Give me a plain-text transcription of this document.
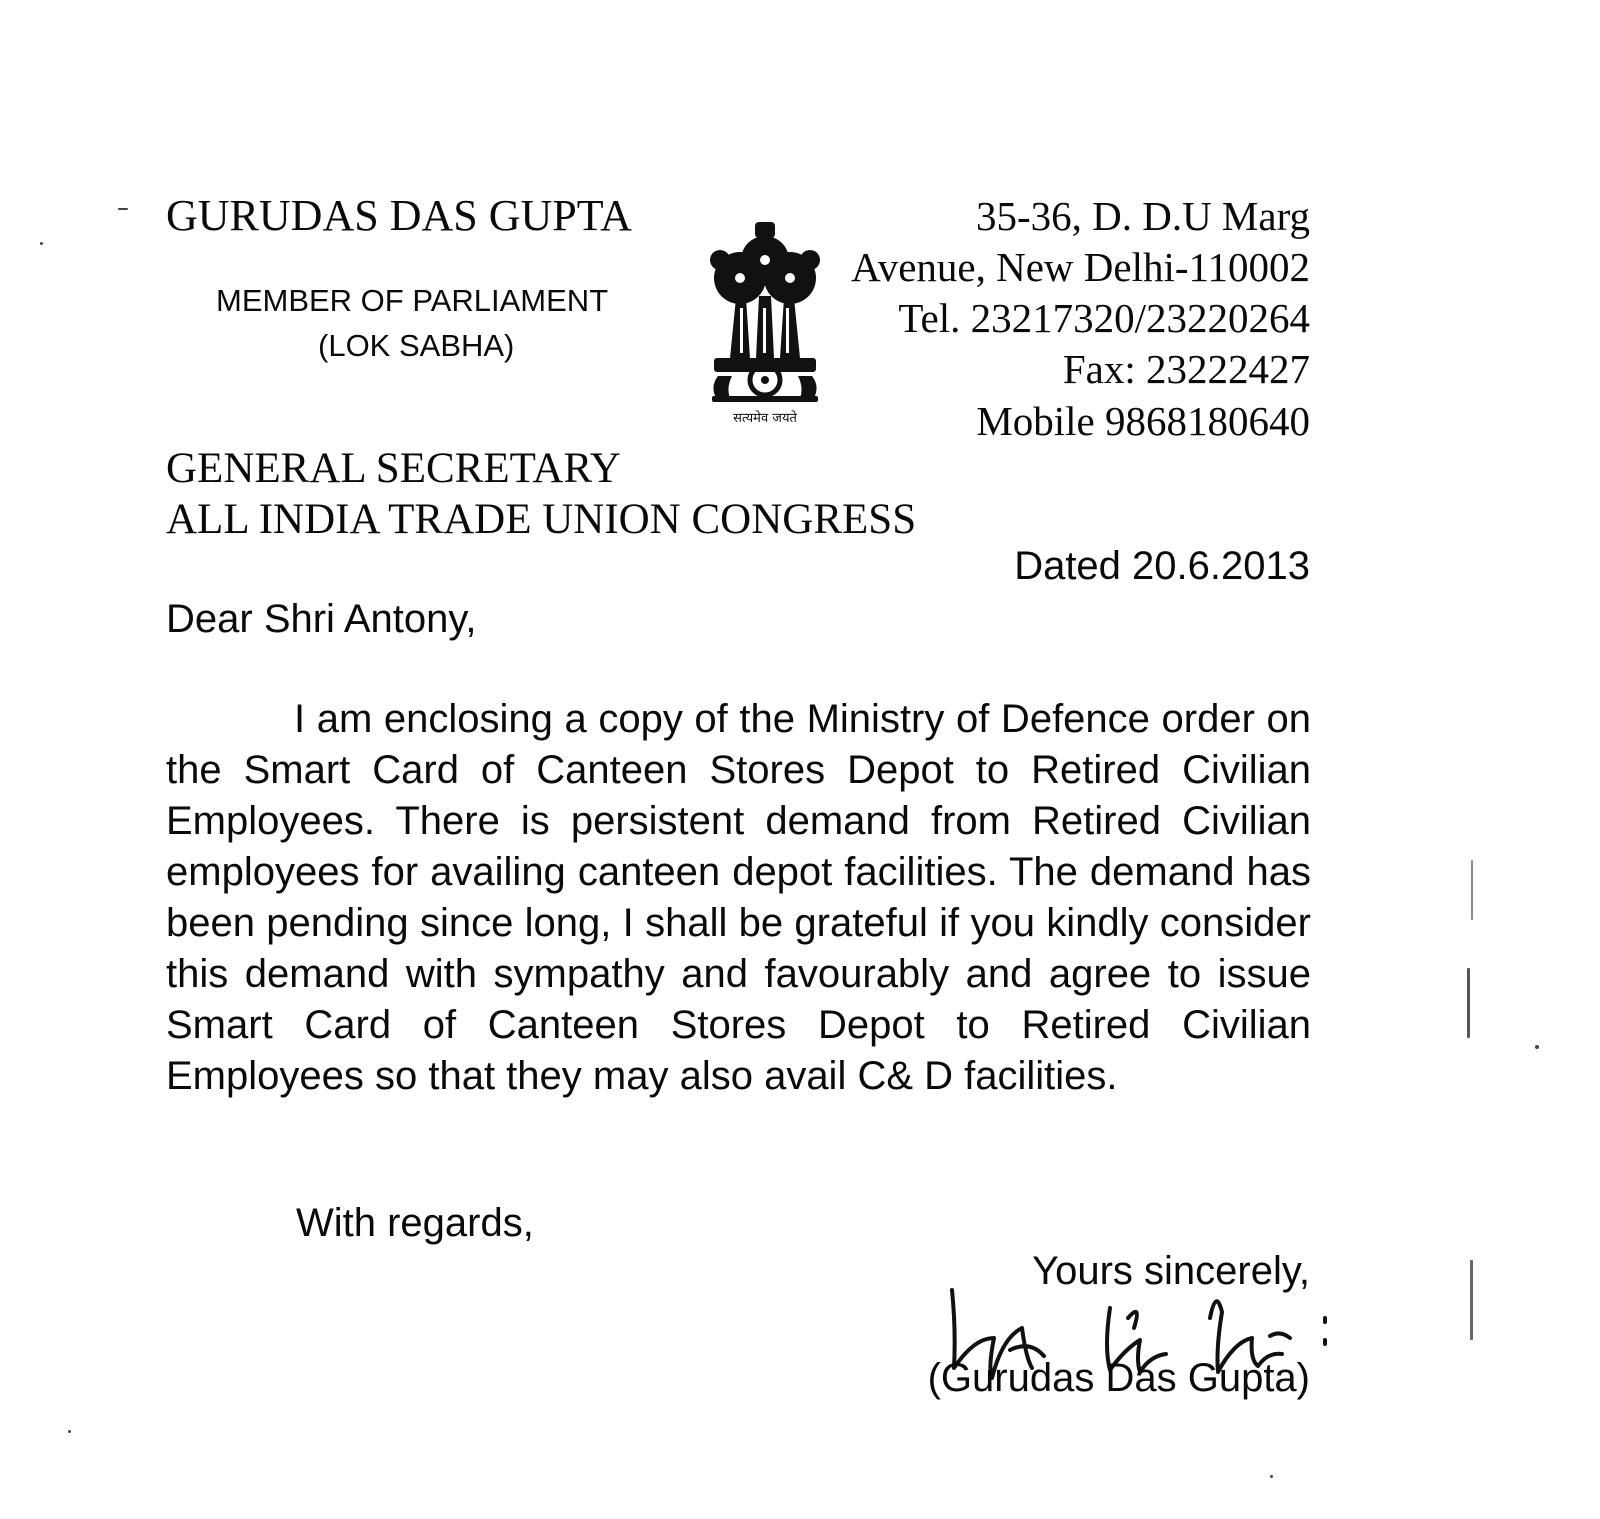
GURUDAS DAS GUPTA

MEMBER OF PARLIAMENT

(LOK SABHA)

सत्यमेव जयते

35-36, D. D.U Marg

Avenue, New Delhi-110002

Tel. 23217320/23220264

Fax: 23222427

Mobile 9868180640

GENERAL SECRETARY

ALL INDIA TRADE UNION CONGRESS

Dated 20.6.2013

Dear Shri Antony,

I am enclosing a copy of the Ministry of Defence order on the Smart Card of Canteen Stores Depot to Retired Civilian Employees. There is persistent demand from Retired Civilian employees for availing canteen depot facilities. The demand has been pending since long, I shall be grateful if you kindly consider this demand with sympathy and favourably and agree to issue Smart Card of Canteen Stores Depot to Retired Civilian Employees so that they may also avail C& D facilities.

With regards,

Yours sincerely,

(Gurudas Das Gupta)
